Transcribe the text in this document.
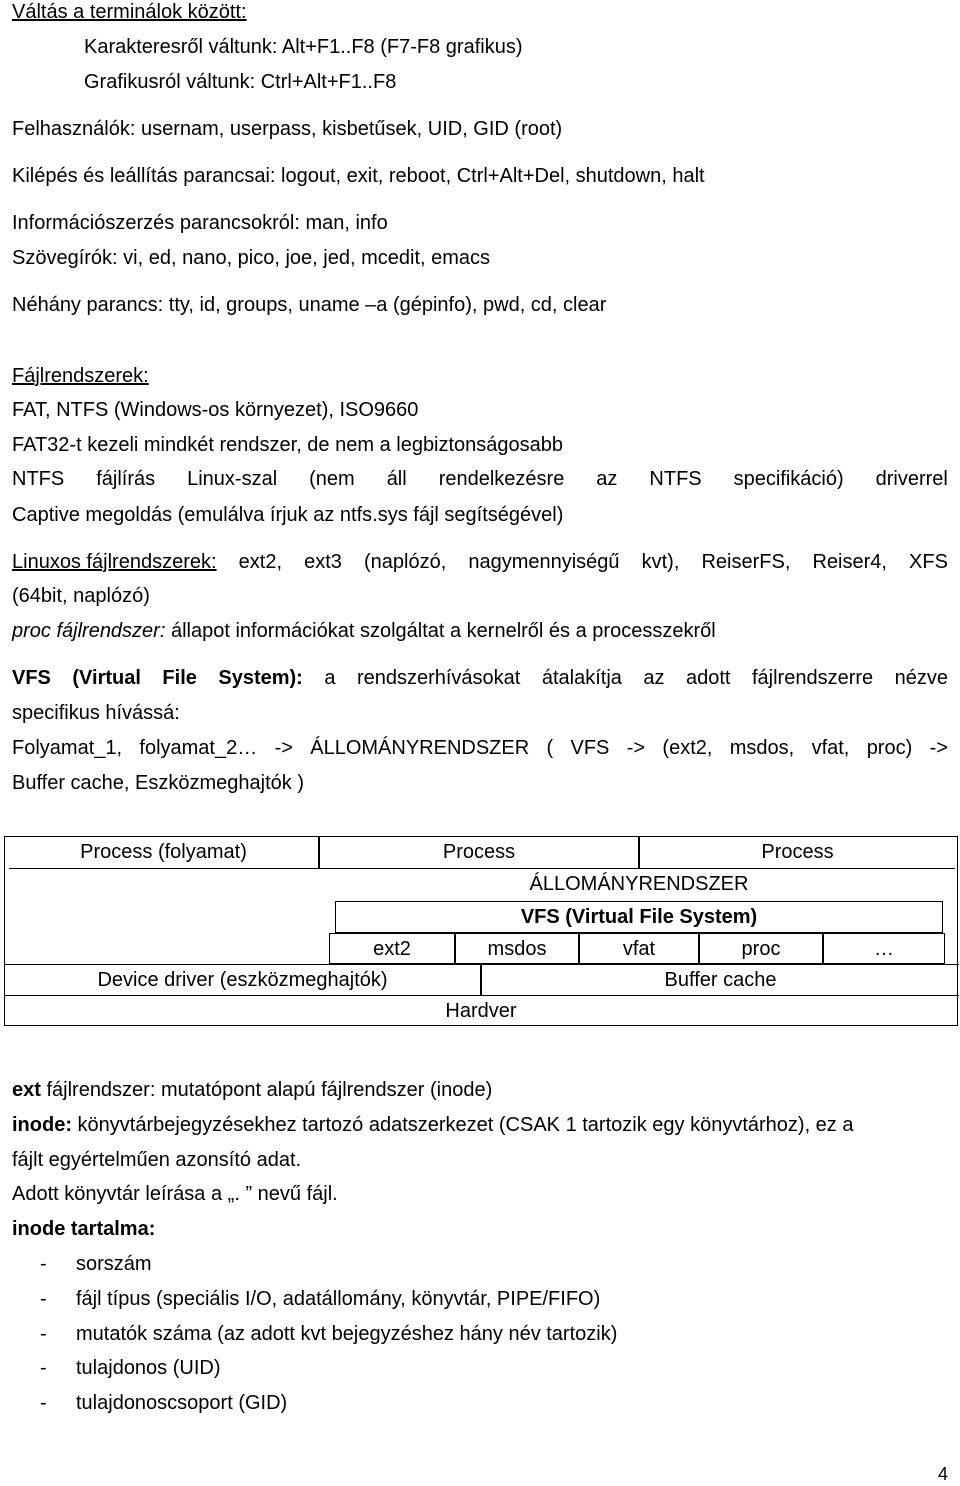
Váltás a terminálok között:
Karakteresről váltunk: Alt+F1..F8 (F7-F8 grafikus)
Grafikusról váltunk: Ctrl+Alt+F1..F8
Felhasználók: usernam, userpass, kisbetűsek, UID, GID (root)
Kilépés és leállítás parancsai: logout, exit, reboot, Ctrl+Alt+Del, shutdown, halt
Információszerzés parancsokról: man, info
Szövegírók: vi, ed, nano, pico, joe, jed, mcedit, emacs
Néhány parancs: tty, id, groups, uname –a (gépinfo), pwd, cd, clear
Fájlrendszerek:
FAT, NTFS (Windows-os környezet), ISO9660
FAT32-t kezeli mindkét rendszer, de nem a legbiztonságosabb
NTFS fájlírás Linux-szal (nem áll rendelkezésre az NTFS specifikáció) driverrel
Captive megoldás (emulálva írjuk az ntfs.sys fájl segítségével)
Linuxos fájlrendszerek: ext2, ext3 (naplózó, nagymennyiségű kvt), ReiserFS, Reiser4, XFS
(64bit, naplózó)
proc fájlrendszer: állapot információkat szolgáltat a kernelről és a processzekről
VFS (Virtual File System): a rendszerhívásokat átalakítja az adott fájlrendszerre nézve
specifikus hívássá:
Folyamat_1, folyamat_2… -> ÁLLOMÁNYRENDSZER ( VFS -> (ext2, msdos, vfat, proc) ->
Buffer cache, Eszközmeghajtók )
Process (folyamat)	Process	Process
ÁLLOMÁNYRENDSZER
VFS (Virtual File System)
ext2	msdos	vfat	proc	…
Device driver (eszközmeghajtók)	Buffer cache
Hardver
ext fájlrendszer: mutatópont alapú fájlrendszer (inode)
inode: könyvtárbejegyzésekhez tartozó adatszerkezet (CSAK 1 tartozik egy könyvtárhoz), ez a
fájlt egyértelműen azonsító adat.
Adott könyvtár leírása a „. ” nevű fájl.
inode tartalma:
- sorszám
- fájl típus (speciális I/O, adatállomány, könyvtár, PIPE/FIFO)
- mutatók száma (az adott kvt bejegyzéshez hány név tartozik)
- tulajdonos (UID)
- tulajdonoscsoport (GID)
4
